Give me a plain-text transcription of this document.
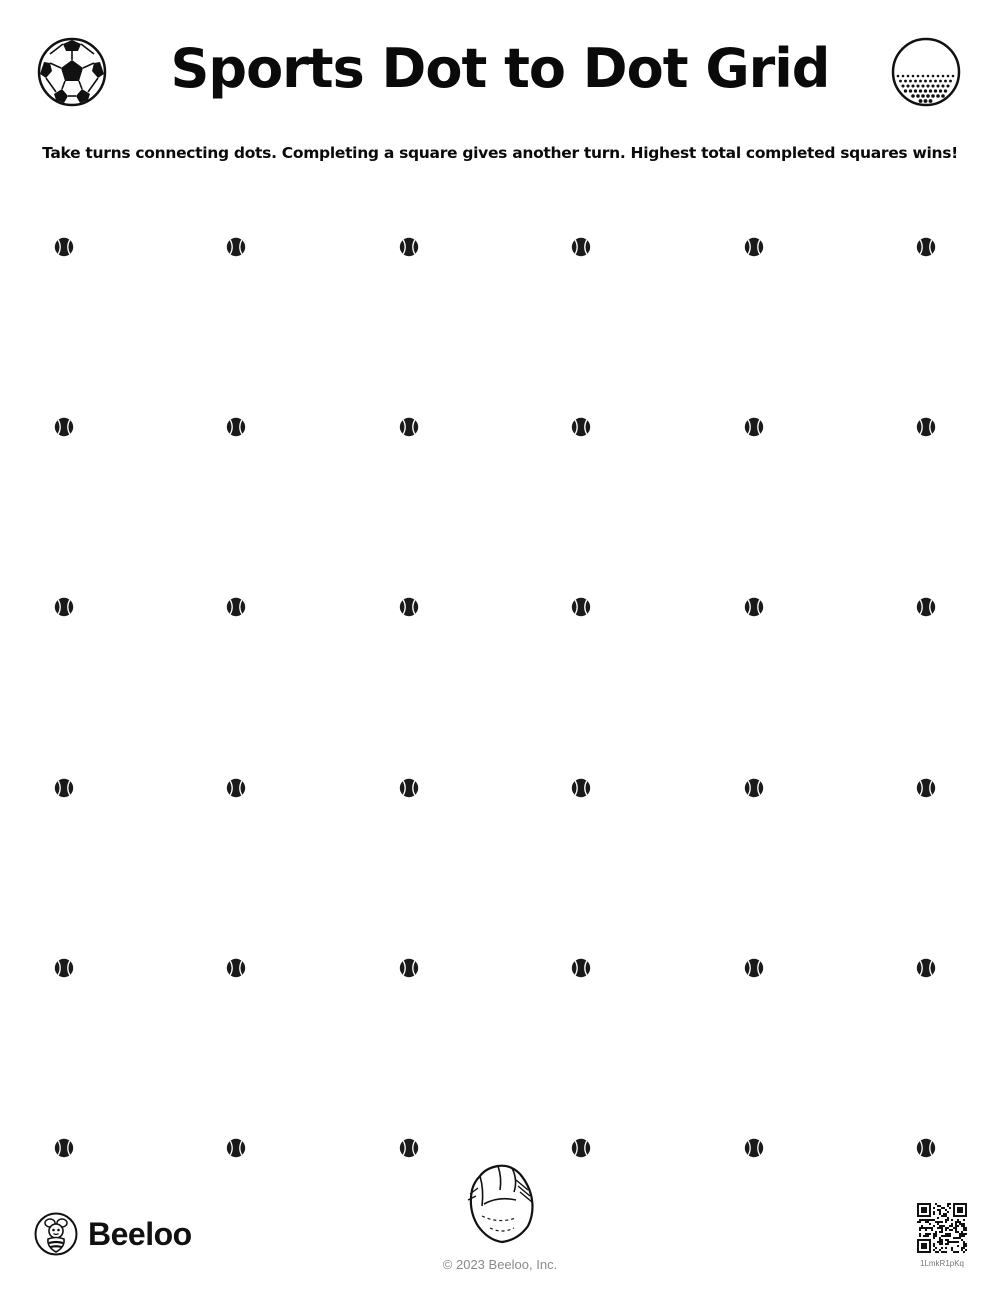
Sports Dot to Dot Grid
Take turns connecting dots. Completing a square gives another turn. Highest total completed squares wins!
Beeloo
© 2023 Beeloo, Inc.	1LmkR1pKq
